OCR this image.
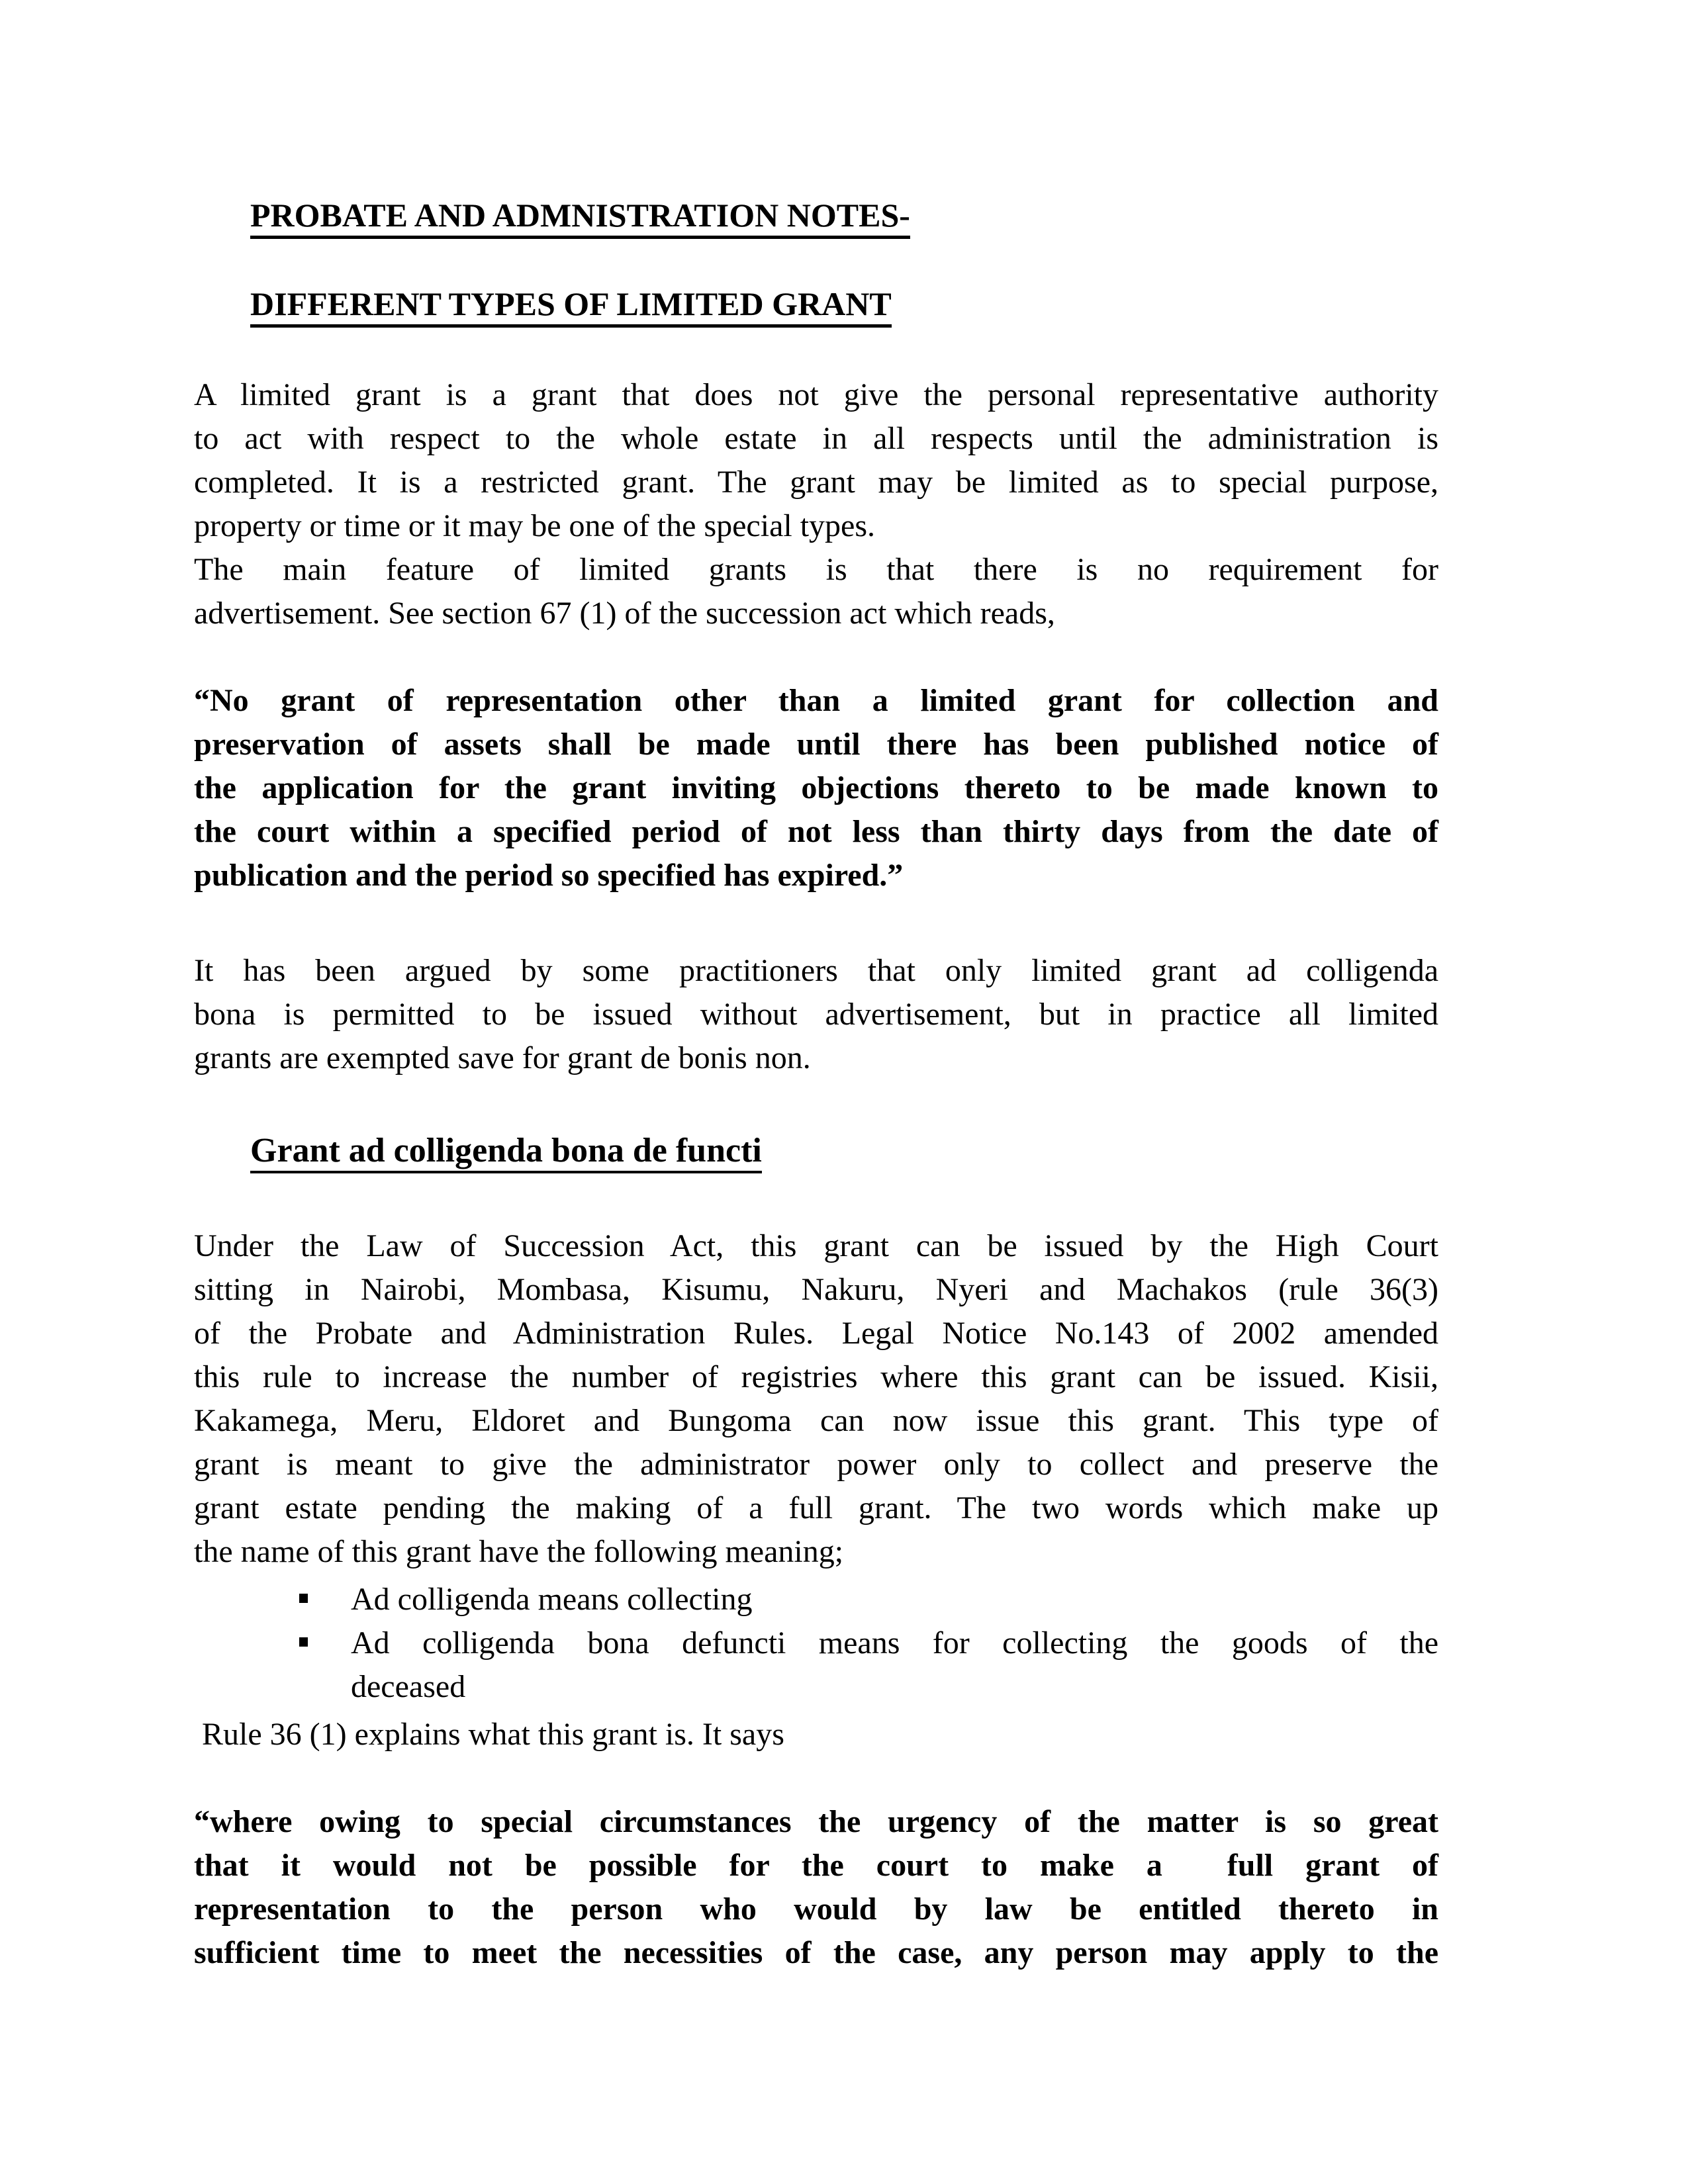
PROBATE AND ADMNISTRATION NOTES-
DIFFERENT TYPES OF LIMITED GRANT
A limited grant is a grant that does not give the personal representative authority
to act with respect to the whole estate in all respects until the administration is
completed. It is a restricted grant. The grant may be limited as to special purpose,
property or time or it may be one of the special types.
The main feature of limited grants is that there is no requirement for
advertisement. See section 67 (1) of the succession act which reads,
“No grant of representation other than a limited grant for collection and
preservation of assets shall be made until there has been published notice of
the application for the grant inviting objections thereto to be made known to
the court within a specified period of not less than thirty days from the date of
publication and the period so specified has expired.”
It has been argued by some practitioners that only limited grant ad colligenda
bona is permitted to be issued without advertisement, but in practice all limited
grants are exempted save for grant de bonis non.
Grant ad colligenda bona de functi
Under the Law of Succession Act, this grant can be issued by the High Court
sitting in Nairobi, Mombasa, Kisumu, Nakuru, Nyeri and Machakos (rule 36(3)
of the Probate and Administration Rules. Legal Notice No.143 of 2002 amended
this rule to increase the number of registries where this grant can be issued. Kisii,
Kakamega, Meru, Eldoret and Bungoma can now issue this grant. This type of
grant is meant to give the administrator power only to collect and preserve the
grant estate pending the making of a full grant. The two words which make up
the name of this grant have the following meaning;
Ad colligenda means collecting
Ad colligenda bona defuncti means for collecting the goods of the
deceased
Rule 36 (1) explains what this grant is. It says
“where owing to special circumstances the urgency of the matter is so great
that it would not be possible for the court to make a  full grant of
representation to the person who would by law be entitled thereto in
sufficient time to meet the necessities of the case, any person may apply to the
